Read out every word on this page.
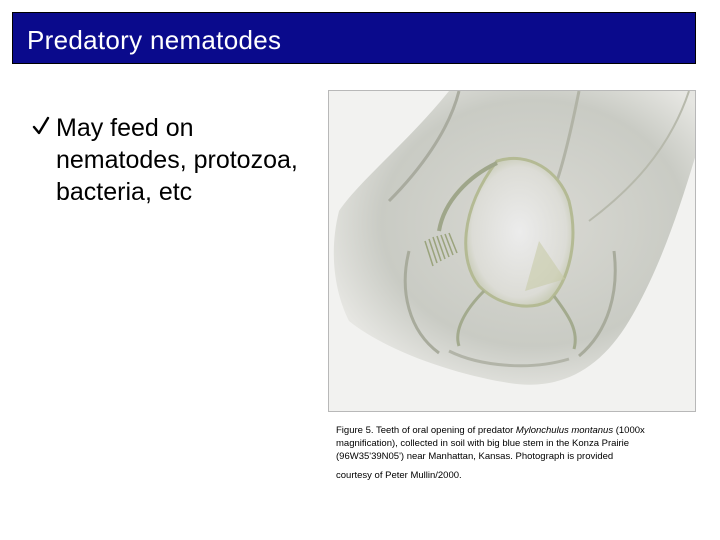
Predatory nematodes
May feed on nematodes, protozoa, bacteria, etc
Figure 5. Teeth of oral opening of predator Mylonchulus montanus (1000x magnification), collected in soil with big blue stem in the Konza Prairie (96W35'39N05') near Manhattan, Kansas. Photograph is provided
courtesy of Peter Mullin/2000.
